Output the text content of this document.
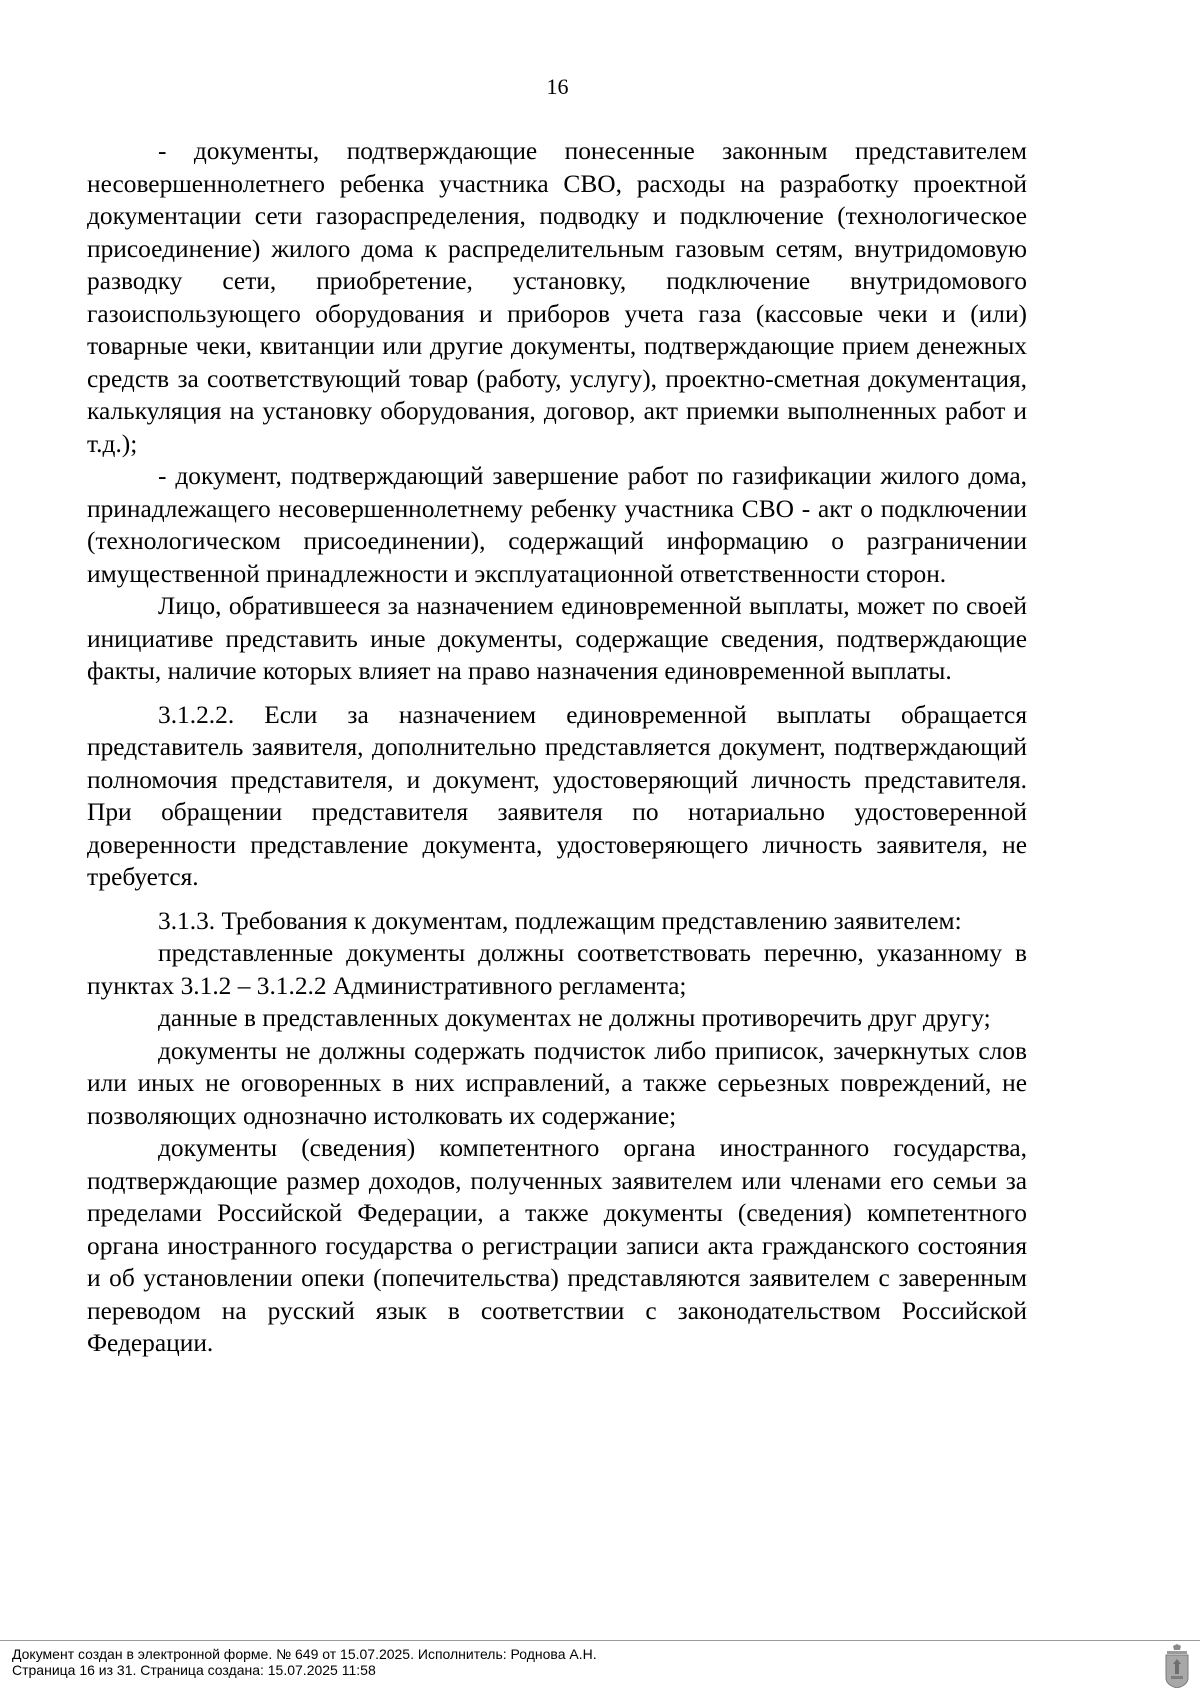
16

- документы, подтверждающие понесенные законным представителем несовершеннолетнего ребенка участника СВО, расходы на разработку проектной документации сети газораспределения, подводку и подключение (технологическое присоединение) жилого дома к распределительным газовым сетям, внутридомовую разводку сети, приобретение, установку, подключение внутридомового газоиспользующего оборудования и приборов учета газа (кассовые чеки и (или) товарные чеки, квитанции или другие документы, подтверждающие прием денежных средств за соответствующий товар (работу, услугу), проектно-сметная документация, калькуляция на установку оборудования, договор, акт приемки выполненных работ и т.д.);

- документ, подтверждающий завершение работ по газификации жилого дома, принадлежащего несовершеннолетнему ребенку участника СВО - акт о подключении (технологическом присоединении), содержащий информацию о разграничении имущественной принадлежности и эксплуатационной ответственности сторон.

Лицо, обратившееся за назначением единовременной выплаты, может по своей инициативе представить иные документы, содержащие сведения, подтверждающие факты, наличие которых влияет на право назначения единовременной выплаты.

3.1.2.2. Если за назначением единовременной выплаты обращается представитель заявителя, дополнительно представляется документ, подтверждающий полномочия представителя, и документ, удостоверяющий личность представителя. При обращении представителя заявителя по нотариально удостоверенной доверенности представление документа, удостоверяющего личность заявителя, не требуется.

3.1.3. Требования к документам, подлежащим представлению заявителем:

представленные документы должны соответствовать перечню, указанному в пунктах 3.1.2 – 3.1.2.2 Административного регламента;

данные в представленных документах не должны противоречить друг другу;

документы не должны содержать подчисток либо приписок, зачеркнутых слов или иных не оговоренных в них исправлений, а также серьезных повреждений, не позволяющих однозначно истолковать их содержание;

документы (сведения) компетентного органа иностранного государства, подтверждающие размер доходов, полученных заявителем или членами его семьи за пределами Российской Федерации, а также документы (сведения) компетентного органа иностранного государства о регистрации записи акта гражданского состояния и об установлении опеки (попечительства) представляются заявителем с заверенным переводом на русский язык в соответствии с законодательством Российской Федерации.

Документ создан в электронной форме. № 649 от 15.07.2025. Исполнитель: Роднова А.Н.
Страница 16 из 31. Страница создана: 15.07.2025 11:58
